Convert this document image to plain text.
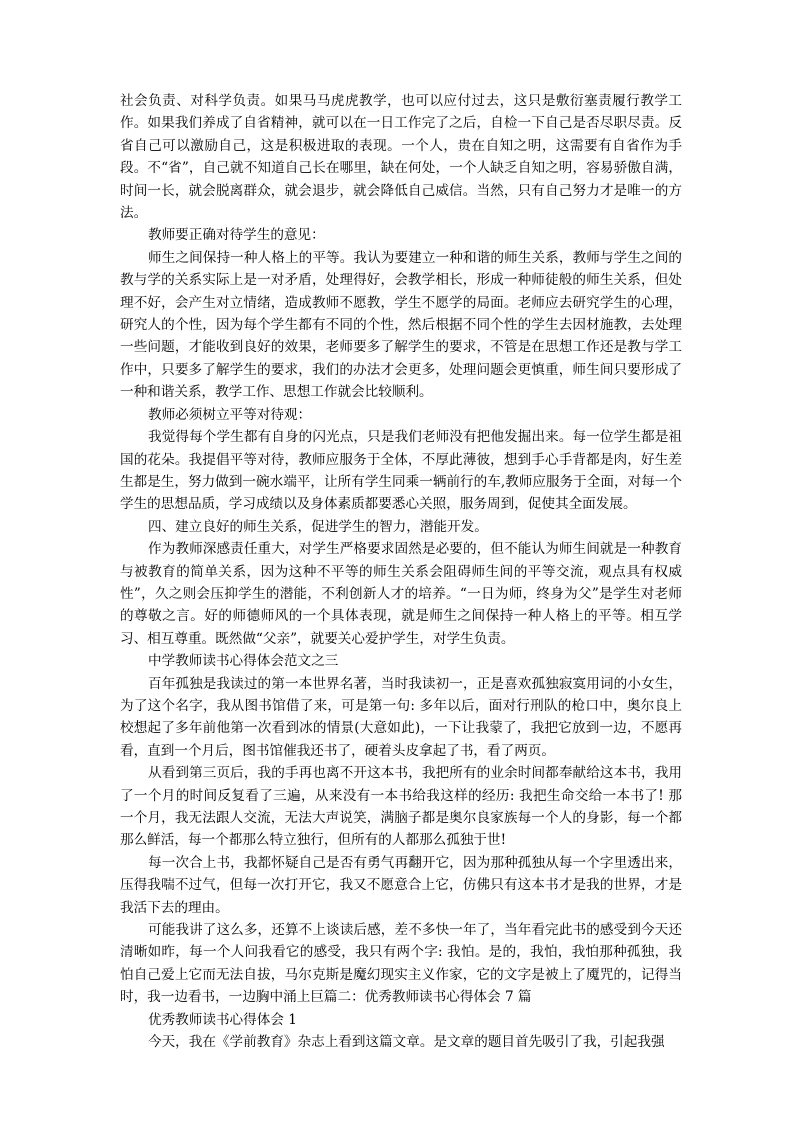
社会负责、对科学负责。如果马马虎虎教学，也可以应付过去，这只是敷衍塞责履行教学工作。如果我们养成了自省精神，就可以在一日工作完了之后，自检一下自己是否尽职尽责。反省自己可以激励自己，这是积极进取的表现。一个人，贵在自知之明，这需要有自省作为手段。不“省”，自己就不知道自己长在哪里，缺在何处，一个人缺乏自知之明，容易骄傲自满，时间一长，就会脱离群众，就会退步，就会降低自己威信。当然，只有自己努力才是唯一的方法。

教师要正确对待学生的意见：

师生之间保持一种人格上的平等。我认为要建立一种和谐的师生关系，教师与学生之间的教与学的关系实际上是一对矛盾，处理得好，会教学相长，形成一种师徒般的师生关系，但处理不好，会产生对立情绪，造成教师不愿教，学生不愿学的局面。老师应去研究学生的心理，研究人的个性，因为每个学生都有不同的个性，然后根据不同个性的学生去因材施教，去处理一些问题，才能收到良好的效果，老师要多了解学生的要求，不管是在思想工作还是教与学工作中，只要多了解学生的要求，我们的办法才会更多，处理问题会更慎重，师生间只要形成了一种和谐关系，教学工作、思想工作就会比较顺利。

教师必须树立平等对待观：

我觉得每个学生都有自身的闪光点，只是我们老师没有把他发掘出来。每一位学生都是祖国的花朵。我提倡平等对待，教师应服务于全体，不厚此薄彼，想到手心手背都是肉，好生差生都是生，努力做到一碗水端平，让所有学生同乘一辆前行的车,教师应服务于全面，对每一个学生的思想品质，学习成绩以及身体素质都要悉心关照，服务周到，促使其全面发展。

四、建立良好的师生关系，促进学生的智力，潜能开发。

作为教师深感责任重大，对学生严格要求固然是必要的，但不能认为师生间就是一种教育与被教育的简单关系，因为这种不平等的师生关系会阻碍师生间的平等交流，观点具有权威性”，久之则会压抑学生的潜能，不利创新人才的培养。“一日为师，终身为父”是学生对老师的尊敬之言。好的师德师风的一个具体表现，就是师生之间保持一种人格上的平等。相互学习、相互尊重。既然做“父亲”，就要关心爱护学生，对学生负责。

中学教师读书心得体会范文之三

百年孤独是我读过的第一本世界名著，当时我读初一，正是喜欢孤独寂寞用词的小女生，为了这个名字，我从图书馆借了来，可是第一句: 多年以后，面对行刑队的枪口中，奥尔良上校想起了多年前他第一次看到冰的情景(大意如此)，一下让我蒙了，我把它放到一边，不愿再看，直到一个月后，图书馆催我还书了，硬着头皮拿起了书，看了两页。

从看到第三页后，我的手再也离不开这本书，我把所有的业余时间都奉献给这本书，我用了一个月的时间反复看了三遍，从来没有一本书给我这样的经历: 我把生命交给一本书了! 那一个月，我无法跟人交流，无法大声说笑，满脑子都是奥尔良家族每一个人的身影，每一个都那么鲜活，每一个都那么特立独行，但所有的人都那么孤独于世!

每一次合上书，我都怀疑自己是否有勇气再翻开它，因为那种孤独从每一个字里透出来，压得我喘不过气，但每一次打开它，我又不愿意合上它，仿佛只有这本书才是我的世界，才是我活下去的理由。

可能我讲了这么多，还算不上谈读后感，差不多快一年了，当年看完此书的感受到今天还清晰如昨，每一个人问我看它的感受，我只有两个字: 我怕。是的，我怕，我怕那种孤独，我怕自己爱上它而无法自拔，马尔克斯是魔幻现实主义作家，它的文字是被上了魇咒的，记得当时，我一边看书，一边胸中涌上巨篇二：优秀教师读书心得体会 7 篇

优秀教师读书心得体会 1

今天，我在《学前教育》杂志上看到这篇文章。是文章的题目首先吸引了我，引起我强
